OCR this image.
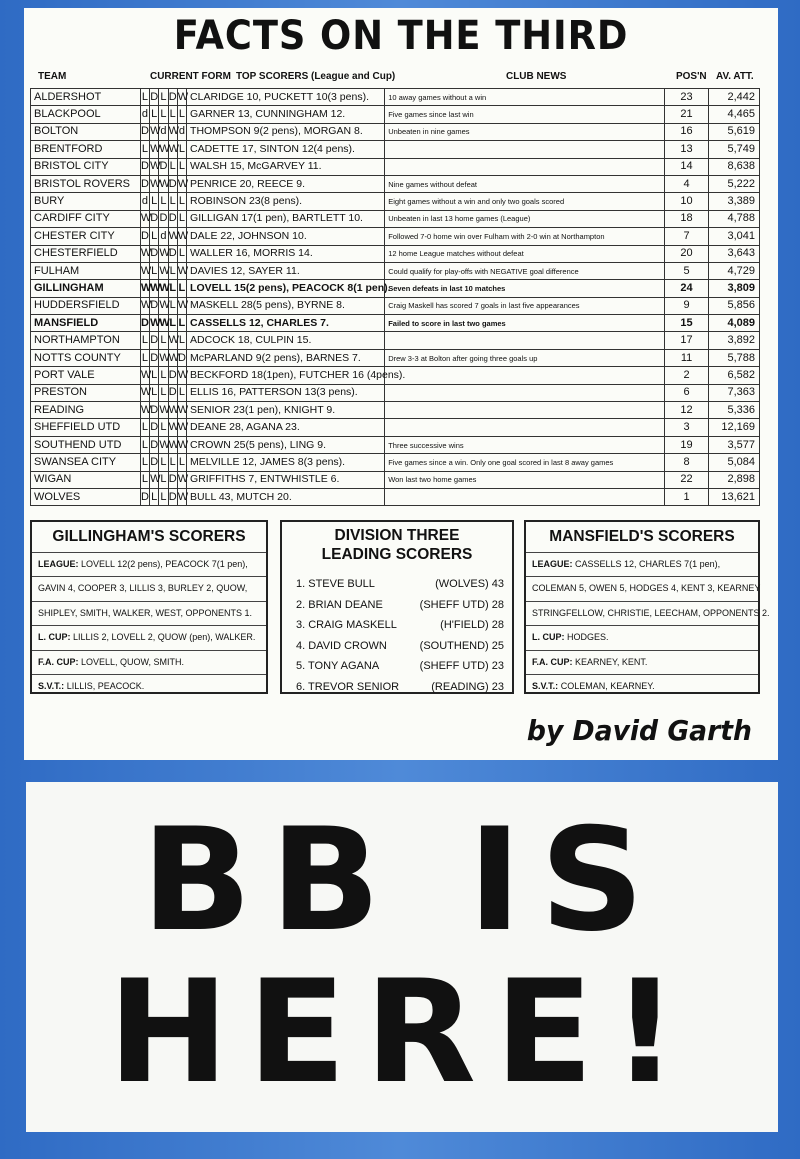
FACTS ON THE THIRD
TEAM	CURRENT FORM TOP SCORERS (League and Cup)	CLUB NEWS	POS'N AV. ATT.
ALDERSHOT	L	D	L	D	W	CLARIDGE 10, PUCKETT 10(3 pens).	10 away games without a win	23	2,442
BLACKPOOL	d	L	L	L	L	GARNER 13, CUNNINGHAM 12.	Five games since last win	21	4,465
BOLTON	D	W	d	W	d	THOMPSON 9(2 pens), MORGAN 8.	Unbeaten in nine games	16	5,619
BRENTFORD	L	W	W	W	L	CADETTE 17, SINTON 12(4 pens).		13	5,749
BRISTOL CITY	D	W	D	L	L	WALSH 15, McGARVEY 11.		14	8,638
BRISTOL ROVERS	D	W	W	D	W	PENRICE 20, REECE 9.	Nine games without defeat	4	5,222
BURY	d	L	L	L	L	ROBINSON 23(8 pens).	Eight games without a win and only two goals scored	10	3,389
CARDIFF CITY	W	D	D	D	L	GILLIGAN 17(1 pen), BARTLETT 10.	Unbeaten in last 13 home games (League)	18	4,788
CHESTER CITY	D	L	d	W	W	DALE 22, JOHNSON 10.	Followed 7-0 home win over Fulham with 2-0 win at Northampton	7	3,041
CHESTERFIELD	W	D	W	D	L	WALLER 16, MORRIS 14.	12 home League matches without defeat	20	3,643
FULHAM	W	L	W	L	W	DAVIES 12, SAYER 11.	Could qualify for play-offs with NEGATIVE goal difference	5	4,729
GILLINGHAM	W	W	W	L	L	LOVELL 15(2 pens), PEACOCK 8(1 pen).	Seven defeats in last 10 matches	24	3,809
HUDDERSFIELD	W	D	W	L	W	MASKELL 28(5 pens), BYRNE 8.	Craig Maskell has scored 7 goals in last five appearances	9	5,856
MANSFIELD	D	W	W	L	L	CASSELLS 12, CHARLES 7.	Failed to score in last two games	15	4,089
NORTHAMPTON	L	D	L	W	L	ADCOCK 18, CULPIN 15.		17	3,892
NOTTS COUNTY	L	D	W	W	D	McPARLAND 9(2 pens), BARNES 7.	Drew 3-3 at Bolton after going three goals up	11	5,788
PORT VALE	W	L	L	D	W	BECKFORD 18(1pen), FUTCHER 16 (4pens).		2	6,582
PRESTON	W	L	L	D	L	ELLIS 16, PATTERSON 13(3 pens).		6	7,363
READING	W	D	W	W	W	SENIOR 23(1 pen), KNIGHT 9.		12	5,336
SHEFFIELD UTD	L	D	L	W	W	DEANE 28, AGANA 23.		3	12,169
SOUTHEND UTD	L	D	W	W	W	CROWN 25(5 pens), LING 9.	Three successive wins	19	3,577
SWANSEA CITY	L	D	L	L	L	MELVILLE 12, JAMES 8(3 pens).	Five games since a win. Only one goal scored in last 8 away games	8	5,084
WIGAN	L	W	L	D	W	GRIFFITHS 7, ENTWHISTLE 6.	Won last two home games	22	2,898
WOLVES	D	L	L	D	W	BULL 43, MUTCH 20.		1	13,621
GILLINGHAM'S SCORERS
LEAGUE: LOVELL 12(2 pens), PEACOCK 7(1 pen),
GAVIN 4, COOPER 3, LILLIS 3, BURLEY 2, QUOW,
SHIPLEY, SMITH, WALKER, WEST, OPPONENTS 1.
L. CUP: LILLIS 2, LOVELL 2, QUOW (pen), WALKER.
F.A. CUP: LOVELL, QUOW, SMITH.
S.V.T.: LILLIS, PEACOCK.
DIVISION THREE
LEADING SCORERS
1. STEVE BULL	(WOLVES) 43
2. BRIAN DEANE	(SHEFF UTD) 28
3. CRAIG MASKELL	(H'FIELD) 28
4. DAVID CROWN	(SOUTHEND) 25
5. TONY AGANA	(SHEFF UTD) 23
6. TREVOR SENIOR	(READING) 23
MANSFIELD'S SCORERS
LEAGUE: CASSELLS 12, CHARLES 7(1 pen),
COLEMAN 5, OWEN 5, HODGES 4, KENT 3, KEARNEY
STRINGFELLOW, CHRISTIE, LEECHAM, OPPONENTS 2.
L. CUP: HODGES.
F.A. CUP: KEARNEY, KENT.
S.V.T.: COLEMAN, KEARNEY.

by David Garth

BB IS

HERE!
